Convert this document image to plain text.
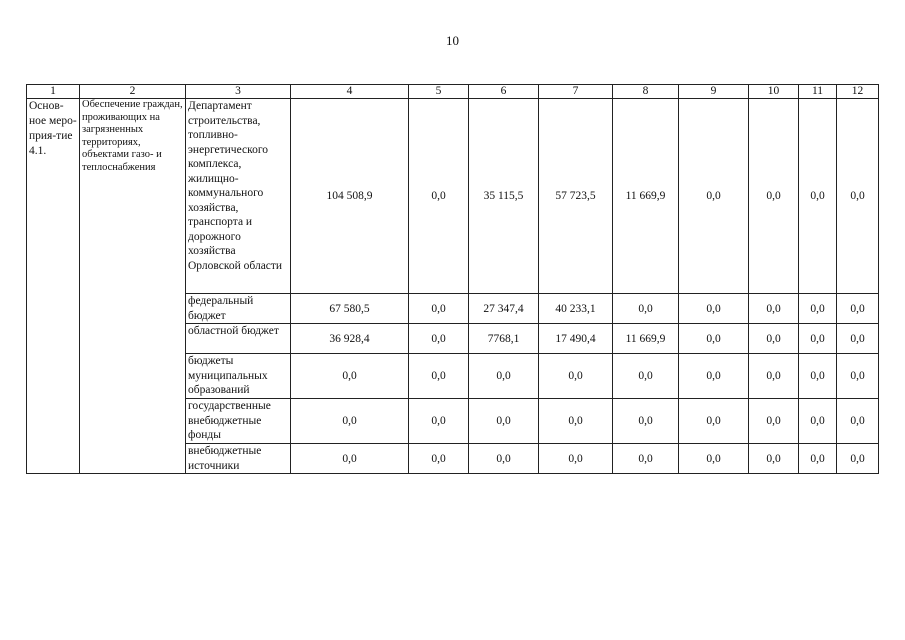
10
1	2	3	4	5	6	7	8	9	10	11	12
Основ-ное меро-прия-тие 4.1.	Обеспечение граждан, проживающих на загрязненных территориях, объектами газо- и теплоснабжения	Департамент строительства, топливно-энергетического комплекса, жилищно-коммунального хозяйства, транспорта и дорожного хозяйства Орловской области	104 508,9	0,0	35 115,5	57 723,5	11 669,9	0,0	0,0	0,0	0,0
		федеральный бюджет	67 580,5	0,0	27 347,4	40 233,1	0,0	0,0	0,0	0,0	0,0
		областной бюджет	36 928,4	0,0	7768,1	17 490,4	11 669,9	0,0	0,0	0,0	0,0
		бюджеты муниципальных образований	0,0	0,0	0,0	0,0	0,0	0,0	0,0	0,0	0,0
		государственные внебюджетные фонды	0,0	0,0	0,0	0,0	0,0	0,0	0,0	0,0	0,0
		внебюджетные источники	0,0	0,0	0,0	0,0	0,0	0,0	0,0	0,0	0,0
